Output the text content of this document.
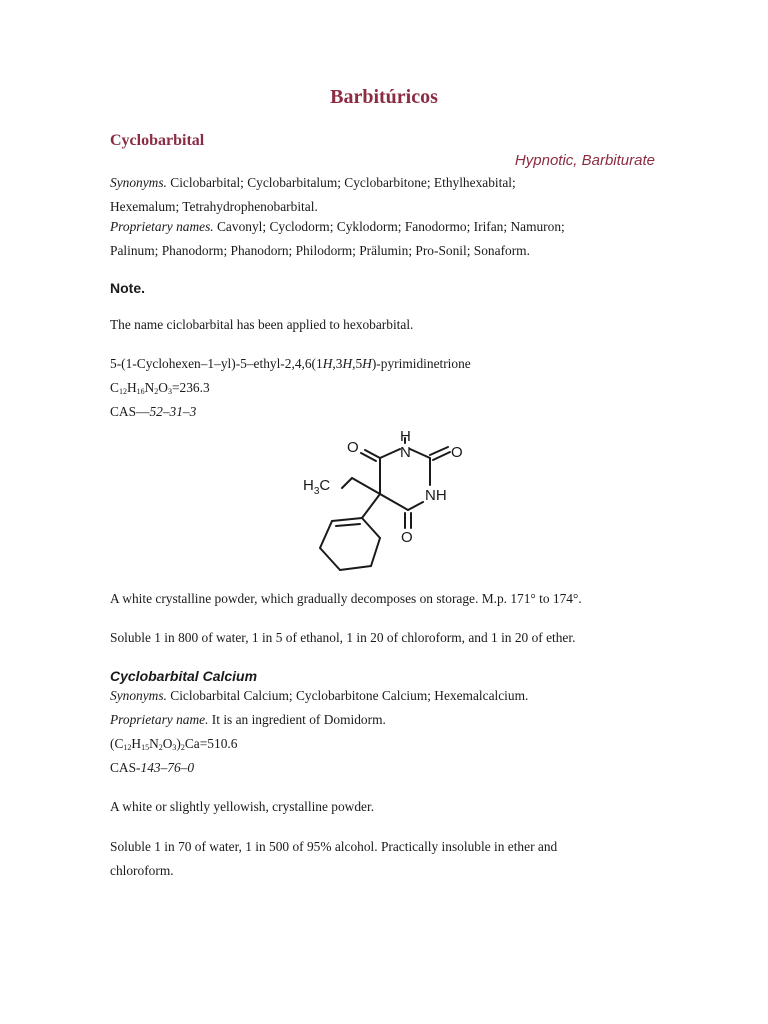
Barbitúricos
Cyclobarbital
Hypnotic, Barbiturate

Synonyms. Ciclobarbital; Cyclobarbitalum; Cyclobarbitone; Ethylhexabital;

Hexemalum; Tetrahydrophenobarbital.

Proprietary names. Cavonyl; Cyclodorm; Cyklodorm; Fanodormo; Irifan; Namuron;

Palinum; Phanodorm; Phanodorn; Philodorm; Prälumin; Pro-Sonil; Sonaform.

Note.

The name ciclobarbital has been applied to hexobarbital.

5-(1-Cyclohexen–1–yl)-5–ethyl-2,4,6(1H,3H,5H)-pyrimidinetrione

$C_{12}H_{16}N_2O_3=236.3$

CAS—52–31–3

H
N	O
O
$H_3C$
NH
O

A white crystalline powder, which gradually decomposes on storage. M.p. 171° to 174°.

Soluble 1 in 800 of water, 1 in 5 of ethanol, 1 in 20 of chloroform, and 1 in 20 of ether.

Cyclobarbital Calcium

Synonyms. Ciclobarbital Calcium; Cyclobarbitone Calcium; Hexemalcalcium.

Proprietary name. It is an ingredient of Domidorm.

$(C_{12}H_{15}N_2O_3)_2Ca=510.6$

CAS-143–76–0

A white or slightly yellowish, crystalline powder.

Soluble 1 in 70 of water, 1 in 500 of 95% alcohol. Practically insoluble in ether and

chloroform.
